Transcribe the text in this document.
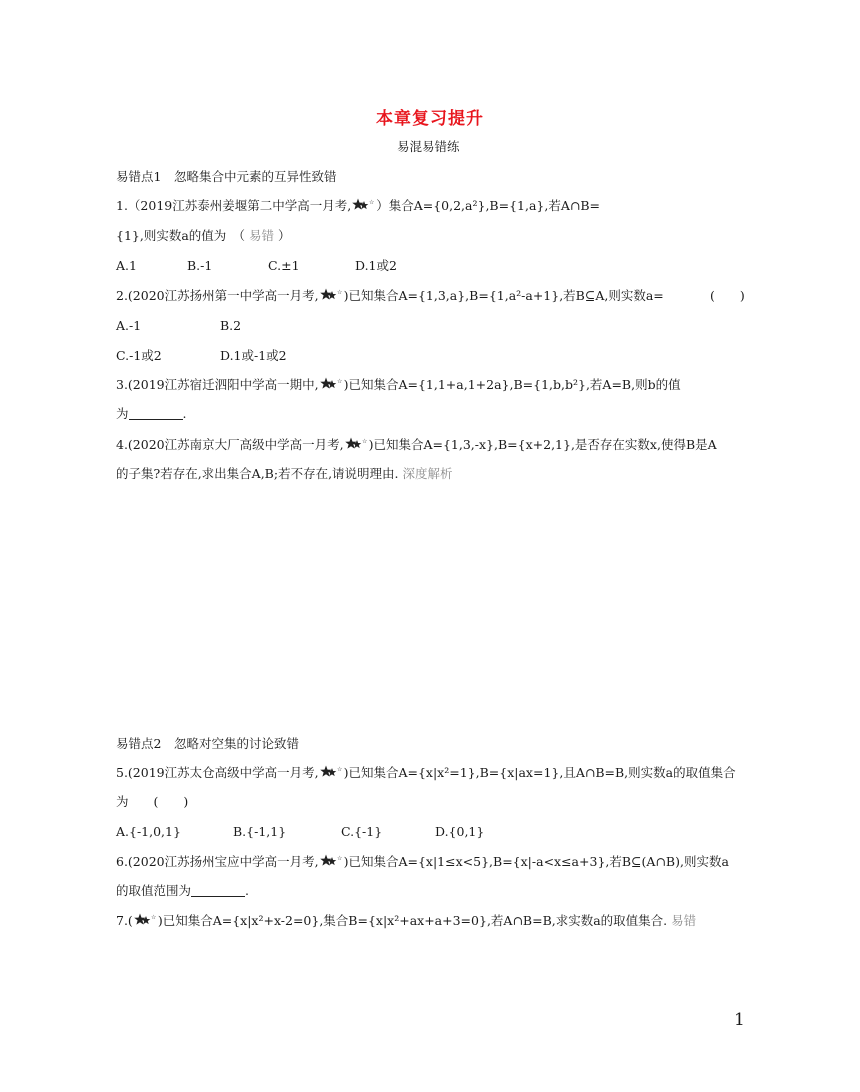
本章复习提升
易混易错练
易错点1　忽略集合中元素的互异性致错
1.（2019江苏泰州姜堰第二中学高一月考, ）集合A={0,2,a²},B={1,a},若A∩B=
{1},则实数a的值为　（ 易错 ）
A.1	B.-1	C.±1	D.1或2
2.(2020江苏扬州第一中学高一月考, )已知集合A={1,3,a},B={1,a²-a+1},若B⊆A,则实数a=	(　　)
A.-1	B.2
C.-1或2	D.1或-1或2
3.(2019江苏宿迁泗阳中学高一期中, )已知集合A={1,1+a,1+2a},B={1,b,b²},若A=B,则b的值
为	.
4.(2020江苏南京大厂高级中学高一月考, )已知集合A={1,3,-x},B={x+2,1},是否存在实数x,使得B是A
的子集?若存在,求出集合A,B;若不存在,请说明理由. 深度解析
易错点2　忽略对空集的讨论致错
5.(2019江苏太仓高级中学高一月考, )已知集合A={x|x²=1},B={x|ax=1},且A∩B=B,则实数a的取值集合
为　　(　　)
A.{-1,0,1}	B.{-1,1}	C.{-1}	D.{0,1}
6.(2020江苏扬州宝应中学高一月考, )已知集合A={x|1≤x<5},B={x|-a<x≤a+3},若B⊆(A∩B),则实数a
的取值范围为	.
7.( )已知集合A={x|x²+x-2=0},集合B={x|x²+ax+a+3=0},若A∩B=B,求实数a的取值集合. 易错
1
